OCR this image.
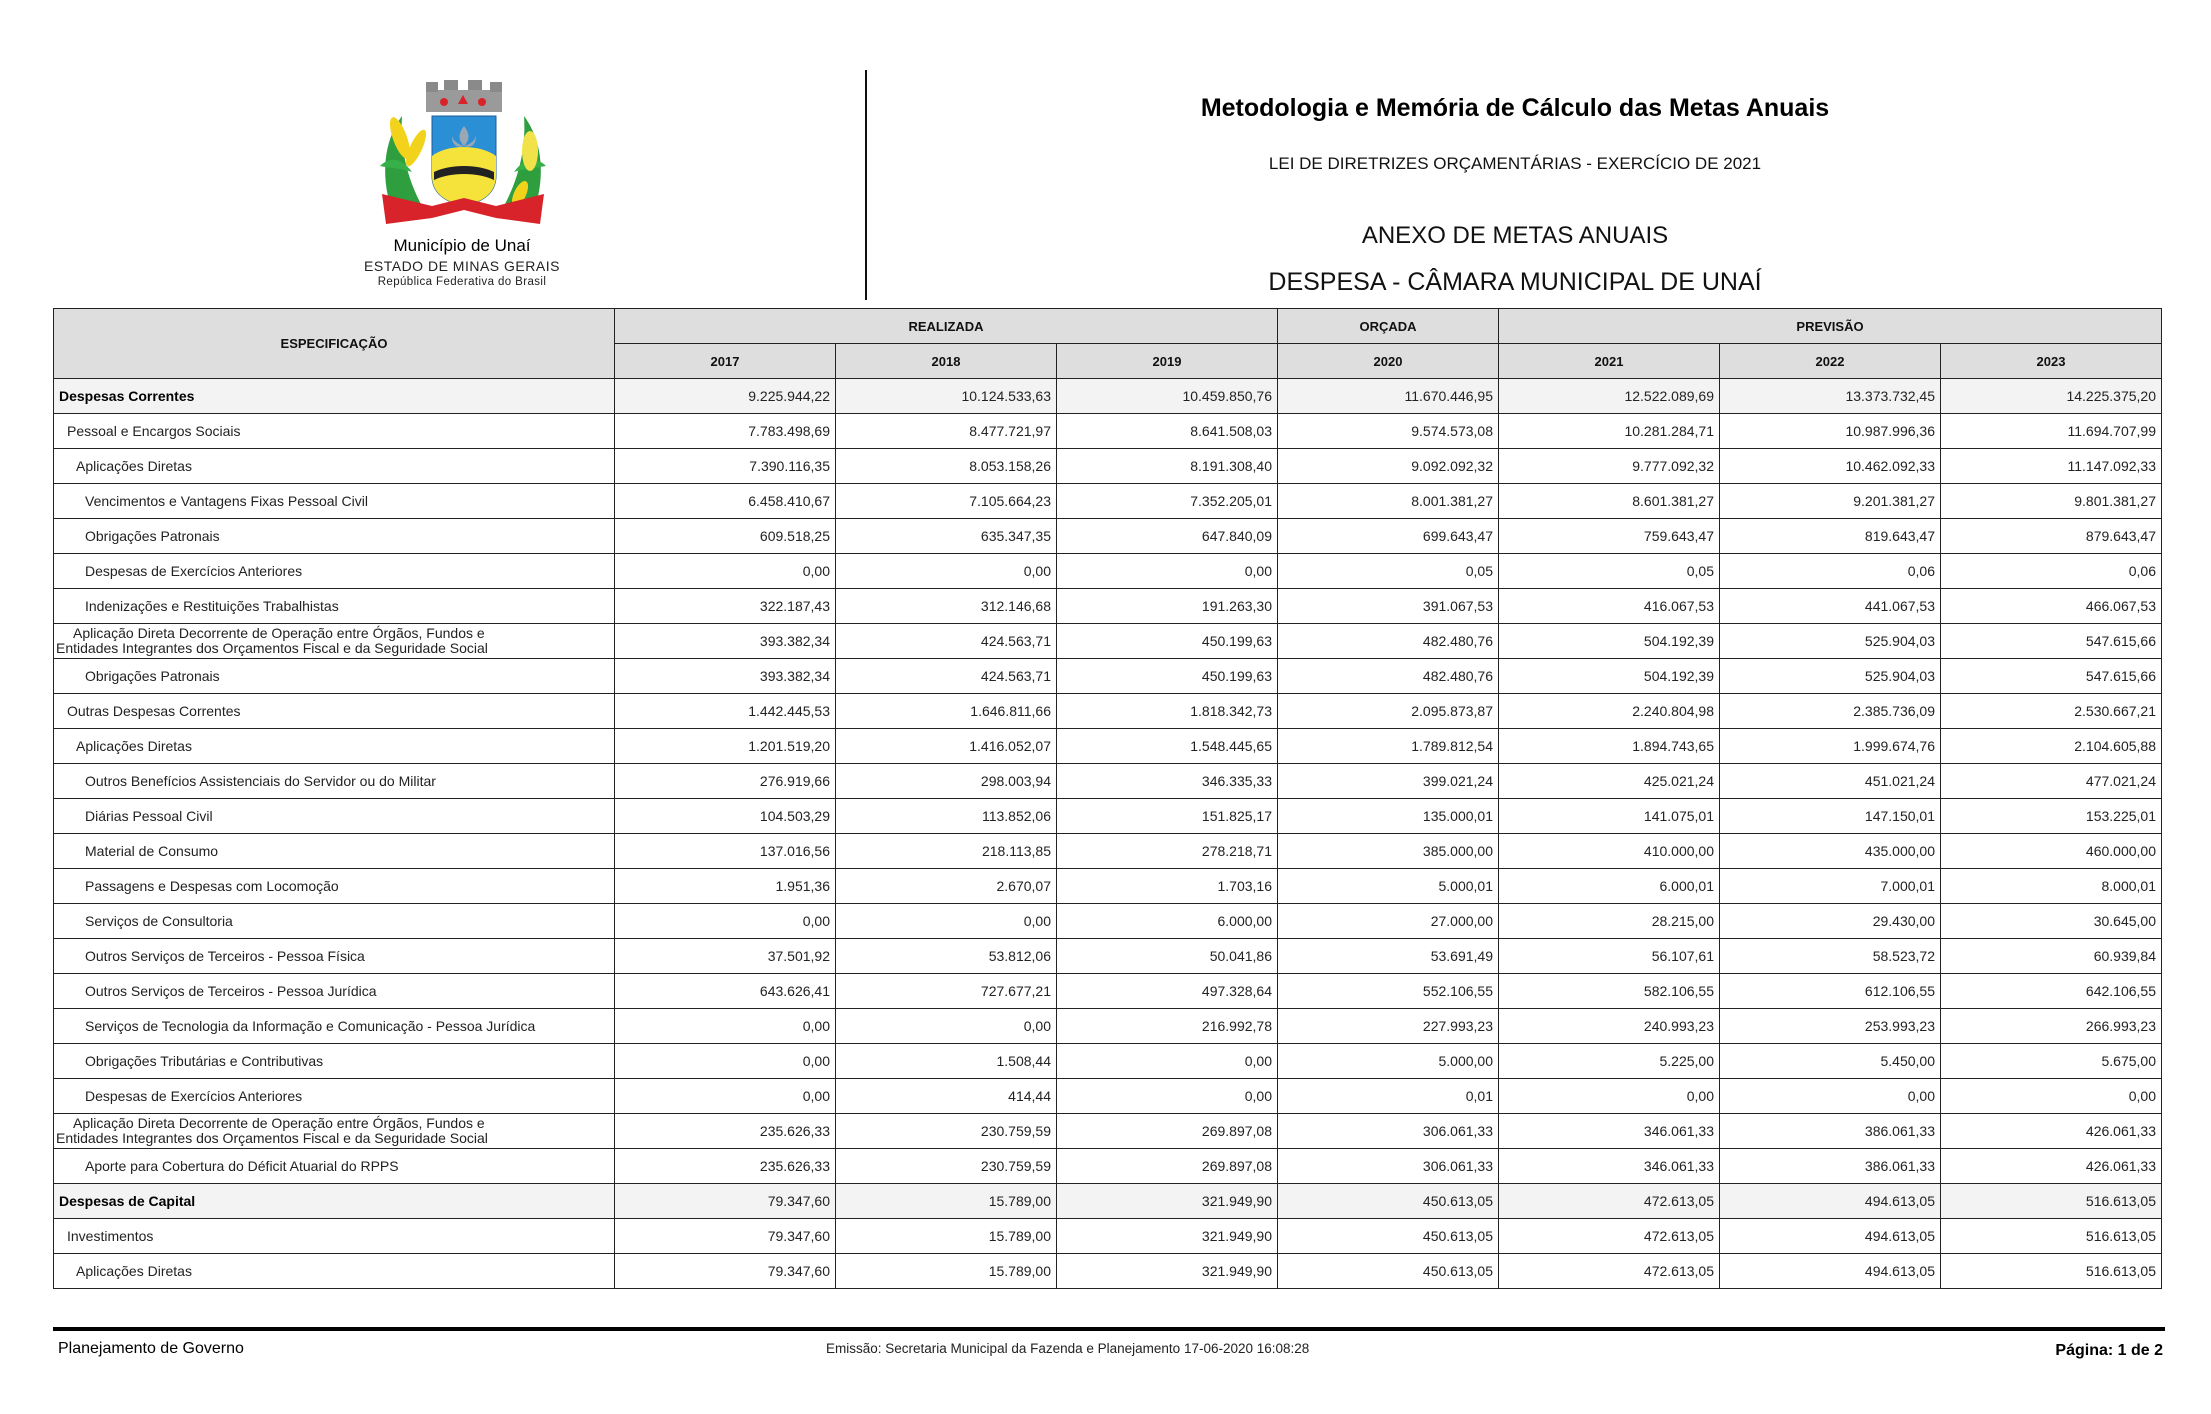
Município de Unaí
ESTADO DE MINAS GERAIS
República Federativa do Brasil
Metodologia e Memória de Cálculo das Metas Anuais
LEI DE DIRETRIZES ORÇAMENTÁRIAS - EXERCÍCIO DE 2021
ANEXO DE METAS ANUAIS
DESPESA - CÂMARA MUNICIPAL DE UNAÍ
ESPECIFICAÇÃO	REALIZADA			ORÇADA	PREVISÃO		
	2017	2018	2019	2020	2021	2022	2023
Despesas Correntes	9.225.944,22	10.124.533,63	10.459.850,76	11.670.446,95	12.522.089,69	13.373.732,45	14.225.375,20
Pessoal e Encargos Sociais	7.783.498,69	8.477.721,97	8.641.508,03	9.574.573,08	10.281.284,71	10.987.996,36	11.694.707,99
Aplicações Diretas	7.390.116,35	8.053.158,26	8.191.308,40	9.092.092,32	9.777.092,32	10.462.092,33	11.147.092,33
Vencimentos e Vantagens Fixas Pessoal Civil	6.458.410,67	7.105.664,23	7.352.205,01	8.001.381,27	8.601.381,27	9.201.381,27	9.801.381,27
Obrigações Patronais	609.518,25	635.347,35	647.840,09	699.643,47	759.643,47	819.643,47	879.643,47
Despesas de Exercícios Anteriores	0,00	0,00	0,00	0,05	0,05	0,06	0,06
Indenizações e Restituições Trabalhistas	322.187,43	312.146,68	191.263,30	391.067,53	416.067,53	441.067,53	466.067,53

Aplicação Direta Decorrente de Operação entre Órgãos, Fundos e
Entidades Integrantes dos Orçamentos Fiscal e da Seguridade Social	393.382,34	424.563,71	450.199,63	482.480,76	504.192,39	525.904,03	547.615,66
Obrigações Patronais	393.382,34	424.563,71	450.199,63	482.480,76	504.192,39	525.904,03	547.615,66
Outras Despesas Correntes	1.442.445,53	1.646.811,66	1.818.342,73	2.095.873,87	2.240.804,98	2.385.736,09	2.530.667,21
Aplicações Diretas	1.201.519,20	1.416.052,07	1.548.445,65	1.789.812,54	1.894.743,65	1.999.674,76	2.104.605,88
Outros Benefícios Assistenciais do Servidor ou do Militar	276.919,66	298.003,94	346.335,33	399.021,24	425.021,24	451.021,24	477.021,24
Diárias Pessoal Civil	104.503,29	113.852,06	151.825,17	135.000,01	141.075,01	147.150,01	153.225,01
Material de Consumo	137.016,56	218.113,85	278.218,71	385.000,00	410.000,00	435.000,00	460.000,00
Passagens e Despesas com Locomoção	1.951,36	2.670,07	1.703,16	5.000,01	6.000,01	7.000,01	8.000,01
Serviços de Consultoria	0,00	0,00	6.000,00	27.000,00	28.215,00	29.430,00	30.645,00
Outros Serviços de Terceiros - Pessoa Física	37.501,92	53.812,06	50.041,86	53.691,49	56.107,61	58.523,72	60.939,84
Outros Serviços de Terceiros - Pessoa Jurídica	643.626,41	727.677,21	497.328,64	552.106,55	582.106,55	612.106,55	642.106,55
Serviços de Tecnologia da Informação e Comunicação - Pessoa Jurídica	0,00	0,00	216.992,78	227.993,23	240.993,23	253.993,23	266.993,23
Obrigações Tributárias e Contributivas	0,00	1.508,44	0,00	5.000,00	5.225,00	5.450,00	5.675,00
Despesas de Exercícios Anteriores	0,00	414,44	0,00	0,01	0,00	0,00	0,00

Aplicação Direta Decorrente de Operação entre Órgãos, Fundos e
Entidades Integrantes dos Orçamentos Fiscal e da Seguridade Social	235.626,33	230.759,59	269.897,08	306.061,33	346.061,33	386.061,33	426.061,33
Aporte para Cobertura do Déficit Atuarial do RPPS	235.626,33	230.759,59	269.897,08	306.061,33	346.061,33	386.061,33	426.061,33
Despesas de Capital	79.347,60	15.789,00	321.949,90	450.613,05	472.613,05	494.613,05	516.613,05
Investimentos	79.347,60	15.789,00	321.949,90	450.613,05	472.613,05	494.613,05	516.613,05
Aplicações Diretas	79.347,60	15.789,00	321.949,90	450.613,05	472.613,05	494.613,05	516.613,05
Planejamento de Governo	Emissão: Secretaria Municipal da Fazenda e Planejamento 17-06-2020 16:08:28	Página: 1 de 2
